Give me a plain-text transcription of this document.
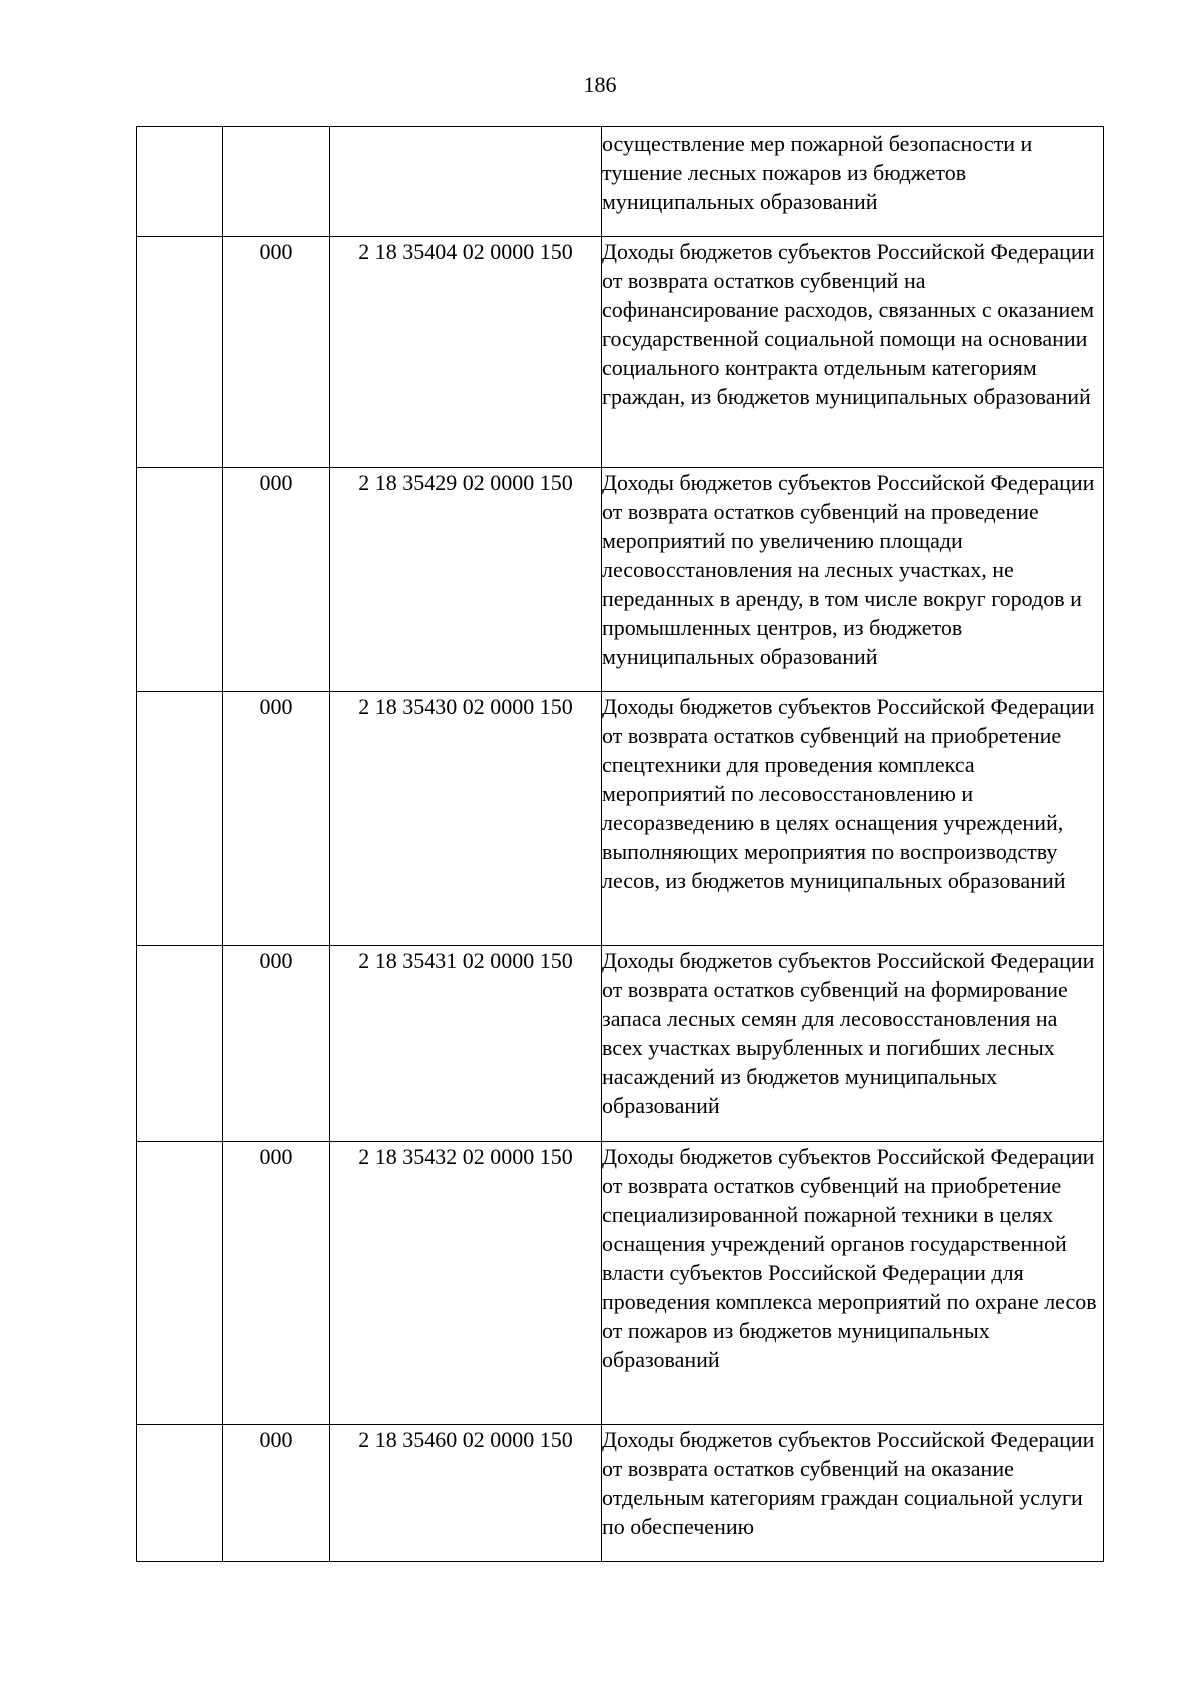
186
			осуществление мер пожарной безопасности и тушение лесных пожаров из бюджетов муниципальных образований
	000	2 18 35404 02 0000 150	Доходы бюджетов субъектов Российской Федерации от возврата остатков субвенций на софинансирование расходов, связанных с оказанием государственной социальной помощи на основании социального контракта отдельным категориям граждан, из бюджетов муниципальных образований
	000	2 18 35429 02 0000 150	Доходы бюджетов субъектов Российской Федерации от возврата остатков субвенций на проведение мероприятий по увеличению площади лесовосстановления на лесных участках, не переданных в аренду, в том числе вокруг городов и промышленных центров, из бюджетов муниципальных образований
	000	2 18 35430 02 0000 150	Доходы бюджетов субъектов Российской Федерации от возврата остатков субвенций на приобретение спецтехники для проведения комплекса мероприятий по лесовосстановлению и лесоразведению в целях оснащения учреждений, выполняющих мероприятия по воспроизводству лесов, из бюджетов муниципальных образований
	000	2 18 35431 02 0000 150	Доходы бюджетов субъектов Российской Федерации от возврата остатков субвенций на формирование запаса лесных семян для лесовосстановления на всех участках вырубленных и погибших лесных насаждений из бюджетов муниципальных образований
	000	2 18 35432 02 0000 150	Доходы бюджетов субъектов Российской Федерации от возврата остатков субвенций на приобретение специализированной пожарной техники в целях оснащения учреждений органов государственной власти субъектов Российской Федерации для проведения комплекса мероприятий по охране лесов от пожаров из бюджетов муниципальных образований
	000	2 18 35460 02 0000 150	Доходы бюджетов субъектов Российской Федерации от возврата остатков субвенций на оказание отдельным категориям граждан социальной услуги по обеспечению
